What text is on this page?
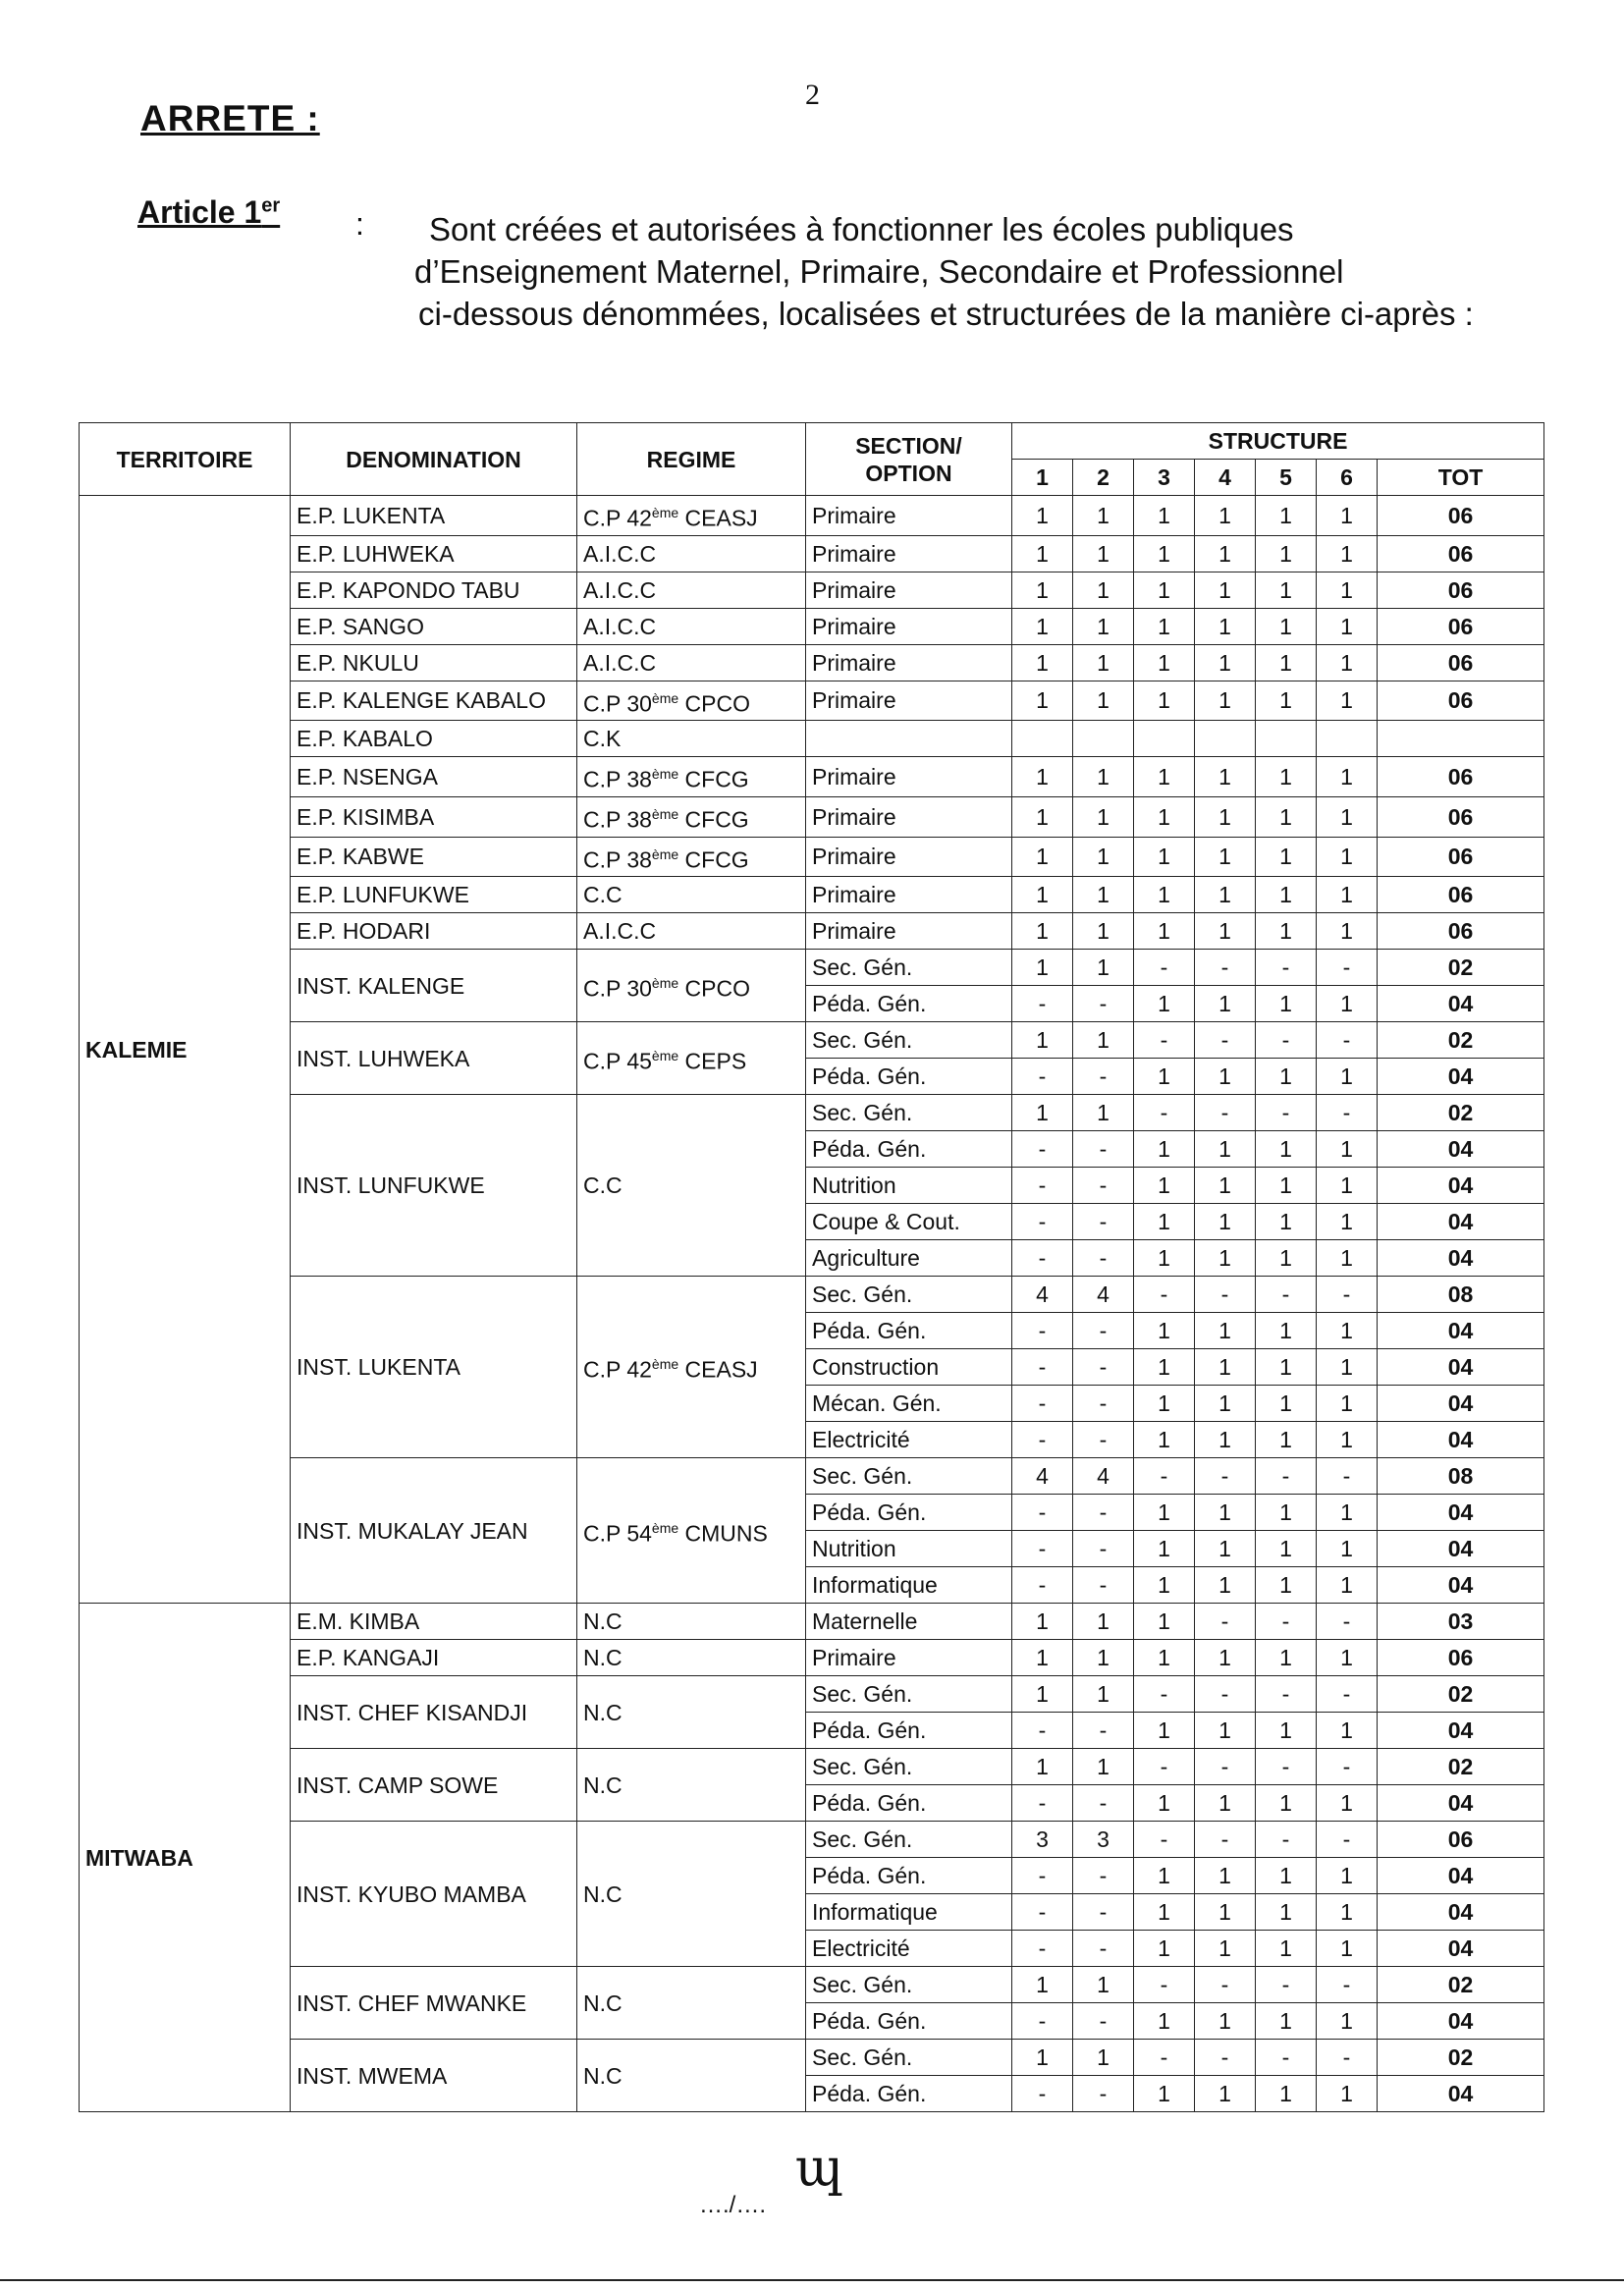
2
ARRETE :
Article 1er
: Sont créées et autorisées à fonctionner les écoles publiques
d’Enseignement Maternel, Primaire, Secondaire et Professionnel
ci-dessous dénommées, localisées et structurées de la manière ci-après :
TERRITOIRE	DENOMINATION	REGIME	SECTION/ OPTION	STRUCTURE						
				1	2	3	4	5	6	TOT
KALEMIE	E.P. LUKENTA	C.P 42ème CEASJ	Primaire	1	1	1	1	1	1	06
	E.P. LUHWEKA	A.I.C.C	Primaire	1	1	1	1	1	1	06
	E.P. KAPONDO TABU	A.I.C.C	Primaire	1	1	1	1	1	1	06
	E.P. SANGO	A.I.C.C	Primaire	1	1	1	1	1	1	06
	E.P. NKULU	A.I.C.C	Primaire	1	1	1	1	1	1	06
	E.P. KALENGE KABALO	C.P 30ème CPCO	Primaire	1	1	1	1	1	1	06
	E.P. KABALO	C.K								
	E.P. NSENGA	C.P 38ème CFCG	Primaire	1	1	1	1	1	1	06
	E.P. KISIMBA	C.P 38ème CFCG	Primaire	1	1	1	1	1	1	06
	E.P. KABWE	C.P 38ème CFCG	Primaire	1	1	1	1	1	1	06
	E.P. LUNFUKWE	C.C	Primaire	1	1	1	1	1	1	06
	E.P. HODARI	A.I.C.C	Primaire	1	1	1	1	1	1	06
	INST. KALENGE	C.P 30ème CPCO	Sec. Gén.	1	1	-	-	-	-	02
			Péda. Gén.	-	-	1	1	1	1	04
	INST. LUHWEKA	C.P 45ème CEPS	Sec. Gén.	1	1	-	-	-	-	02
			Péda. Gén.	-	-	1	1	1	1	04
	INST. LUNFUKWE	C.C	Sec. Gén.	1	1	-	-	-	-	02
			Péda. Gén.	-	-	1	1	1	1	04
			Nutrition	-	-	1	1	1	1	04
			Coupe & Cout.	-	-	1	1	1	1	04
			Agriculture	-	-	1	1	1	1	04
	INST. LUKENTA	C.P 42ème CEASJ	Sec. Gén.	4	4	-	-	-	-	08
			Péda. Gén.	-	-	1	1	1	1	04
			Construction	-	-	1	1	1	1	04
			Mécan. Gén.	-	-	1	1	1	1	04
			Electricité	-	-	1	1	1	1	04
	INST. MUKALAY JEAN	C.P 54ème CMUNS	Sec. Gén.	4	4	-	-	-	-	08
			Péda. Gén.	-	-	1	1	1	1	04
			Nutrition	-	-	1	1	1	1	04
			Informatique	-	-	1	1	1	1	04
MITWABA	E.M. KIMBA	N.C	Maternelle	1	1	1	-	-	-	03
	E.P. KANGAJI	N.C	Primaire	1	1	1	1	1	1	06
	INST. CHEF KISANDJI	N.C	Sec. Gén.	1	1	-	-	-	-	02
			Péda. Gén.	-	-	1	1	1	1	04
	INST. CAMP SOWE	N.C	Sec. Gén.	1	1	-	-	-	-	02
			Péda. Gén.	-	-	1	1	1	1	04
	INST. KYUBO MAMBA	N.C	Sec. Gén.	3	3	-	-	-	-	06
			Péda. Gén.	-	-	1	1	1	1	04
			Informatique	-	-	1	1	1	1	04
			Electricité	-	-	1	1	1	1	04
	INST. CHEF MWANKE	N.C	Sec. Gén.	1	1	-	-	-	-	02
			Péda. Gén.	-	-	1	1	1	1	04
	INST. MWEMA	N.C	Sec. Gén.	1	1	-	-	-	-	02
			Péda. Gén.	-	-	1	1	1	1	04
ɰ
…./….
